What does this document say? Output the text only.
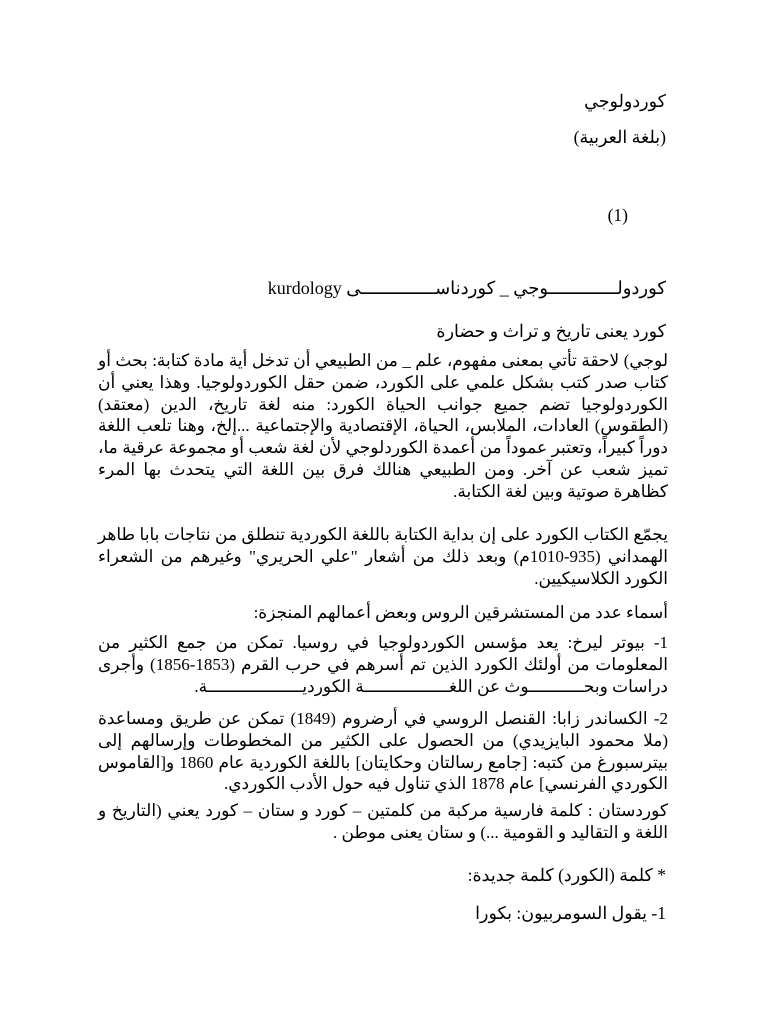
كوردولوجي
(بلغة العربية)
(1)
كوردولـــــــــــــوجي _ كوردناســــــــــــــی kurdology
كورد يعنى تاريخ و تراث و حضارة
لوجي) لاحقة تأتي بمعنى مفهوم، علم _ من الطبيعي أن تدخل أية مادة كتابة: بحث أو كتاب صدر كتب بشكل علمي على الكورد، ضمن حقل الكوردولوجيا. وهذا يعني أن الكوردولوجيا تضم جميع جوانب الحياة الكورد: منه لغة تاريخ، الدين (معتقد) (الطقوس) العادات، الملابس، الحياة، الإقتصادية والإجتماعية ...إلخ، وهنا تلعب اللغة دوراً كبيراً، وتعتبر عموداً من أعمدة الكوردلوجي لأن لغة شعب أو مجموعة عرقية ما، تميز شعب عن آخر. ومن الطبيعي هنالك فرق بين اللغة التي يتحدث بها المرء كظاهرة صوتية وبين لغة الكتابة.
يجمّع الكتاب الكورد على إن بداية الكتابة باللغة الكوردية تنطلق من نتاجات بابا طاهر الهمداني (935-1010م) وبعد ذلك من أشعار "علي الحريري" وغيرهم من الشعراء الكورد الكلاسيكيين.
أسماء عدد من المستشرقين الروس وبعض أعمالهم المنجزة:
1- بيوتر ليرخ: يعد مؤسس الكوردولوجيا في روسيا. تمكن من جمع الكثير من المعلومات من أولئك الكورد الذين تم أسرهم في حرب القرم (1853-1856) وأجرى دراسات وبحـــــــــــوث عن اللغـــــــــــــــــة الكورديـــــــــــــــــــة.
2- الكساندر زابا: القنصل الروسي في أرضروم (1849) تمكن عن طريق ومساعدة (ملا محمود البايزيدي) من الحصول على الكثير من المخطوطات وإرسالهم إلى بيترسبورغ من كتبه: [جامع رسالتان وحكايتان] باللغة الكوردية عام 1860 و[القاموس الكوردي الفرنسي] عام 1878 الذي تناول فيه حول الأدب الكوردي.
كوردستان : كلمة فارسية مركبة من كلمتين – كورد و ستان – كورد يعني (التاريخ و اللغة و التقاليد و القومية ...) و ستان يعنى موطن .
* كلمة (الكورد) كلمة جديدة:
1- يقول السومربيون: بكورا
